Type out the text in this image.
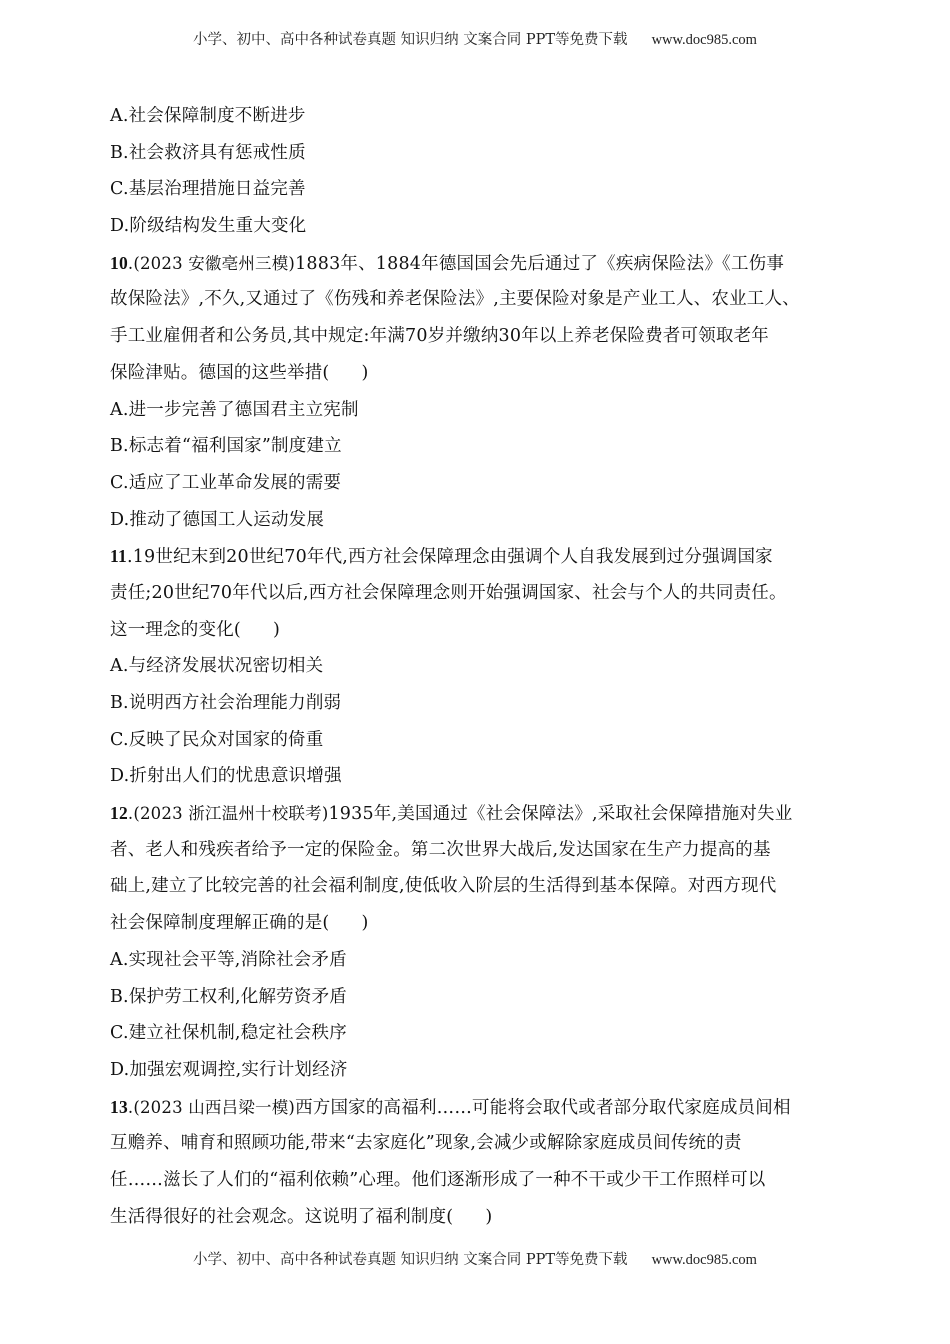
小学、初中、高中各种试卷真题 知识归纳 文案合同 PPT等免费下载 www.doc985.com
A.社会保障制度不断进步
B.社会救济具有惩戒性质
C.基层治理措施日益完善
D.阶级结构发生重大变化
10.(2023 安徽亳州三模)1883年、1884年德国国会先后通过了《疾病保险法》《工伤事
故保险法》,不久,又通过了《伤残和养老保险法》,主要保险对象是产业工人、农业工人、
手工业雇佣者和公务员,其中规定:年满70岁并缴纳30年以上养老保险费者可领取老年
保险津贴。德国的这些举措( )
A.进一步完善了德国君主立宪制
B.标志着“福利国家”制度建立
C.适应了工业革命发展的需要
D.推动了德国工人运动发展
11.19世纪末到20世纪70年代,西方社会保障理念由强调个人自我发展到过分强调国家
责任;20世纪70年代以后,西方社会保障理念则开始强调国家、社会与个人的共同责任。
这一理念的变化( )
A.与经济发展状况密切相关
B.说明西方社会治理能力削弱
C.反映了民众对国家的倚重
D.折射出人们的忧患意识增强
12.(2023 浙江温州十校联考)1935年,美国通过《社会保障法》,采取社会保障措施对失业
者、老人和残疾者给予一定的保险金。第二次世界大战后,发达国家在生产力提高的基
础上,建立了比较完善的社会福利制度,使低收入阶层的生活得到基本保障。对西方现代
社会保障制度理解正确的是( )
A.实现社会平等,消除社会矛盾
B.保护劳工权利,化解劳资矛盾
C.建立社保机制,稳定社会秩序
D.加强宏观调控,实行计划经济
13.(2023 山西吕梁一模)西方国家的高福利……可能将会取代或者部分取代家庭成员间相
互赡养、哺育和照顾功能,带来“去家庭化”现象,会减少或解除家庭成员间传统的责
任……滋长了人们的“福利依赖”心理。他们逐渐形成了一种不干或少干工作照样可以
生活得很好的社会观念。这说明了福利制度( )
小学、初中、高中各种试卷真题 知识归纳 文案合同 PPT等免费下载 www.doc985.com
